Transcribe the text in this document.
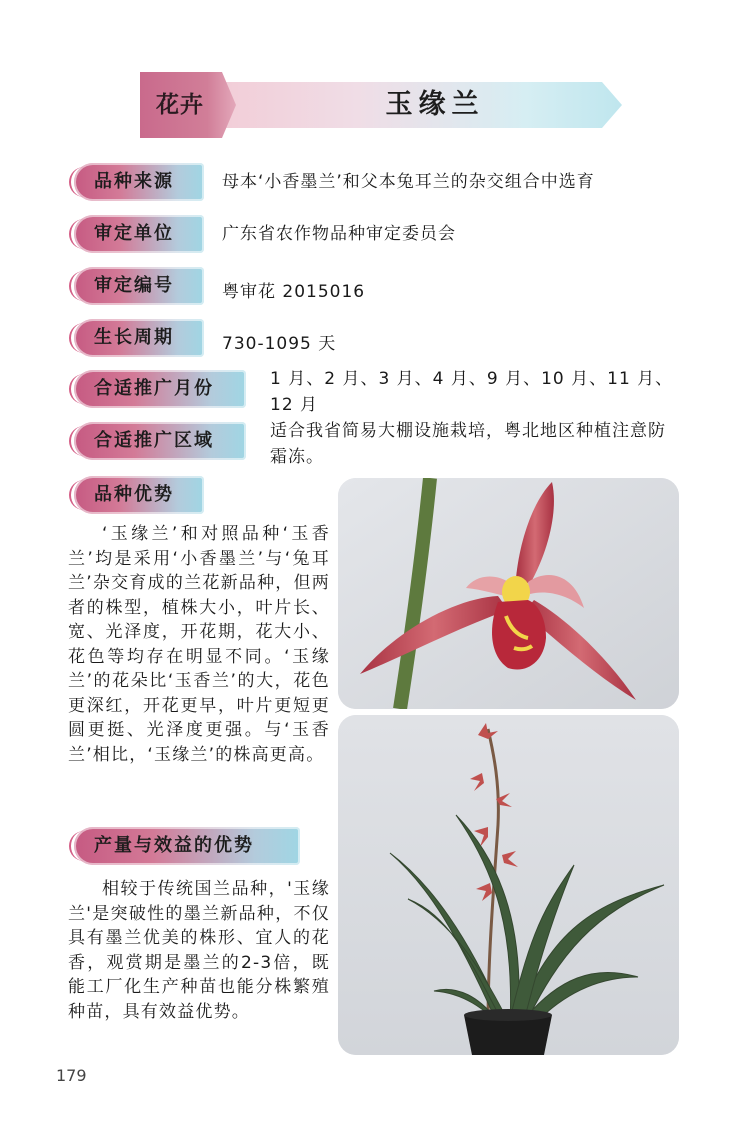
花卉	玉缘兰
品种来源	母本‘小香墨兰’和父本兔耳兰的杂交组合中选育
审定单位	广东省农作物品种审定委员会
审定编号	粤审花 2015016
生长周期	730-1095 天
合适推广月份	1 月、2 月、3 月、4 月、9 月、10 月、11 月、12 月
合适推广区域	适合我省简易大棚设施栽培，粤北地区种植注意防霜冻。
品种优势
‘玉缘兰’和对照品种‘玉香兰’均是采用‘小香墨兰’与‘兔耳兰’杂交育成的兰花新品种，但两者的株型，植株大小，叶片长、宽、光泽度，开花期，花大小、花色等均存在明显不同。‘玉缘兰’的花朵比‘玉香兰’的大，花色更深红，开花更早，叶片更短更圆更挺、光泽度更强。与‘玉香兰’相比，‘玉缘兰’的株高更高。
产量与效益的优势
相较于传统国兰品种，'玉缘兰'是突破性的墨兰新品种，不仅具有墨兰优美的株形、宜人的花香，观赏期是墨兰的2-3倍，既能工厂化生产种苗也能分株繁殖种苗，具有效益优势。
179
